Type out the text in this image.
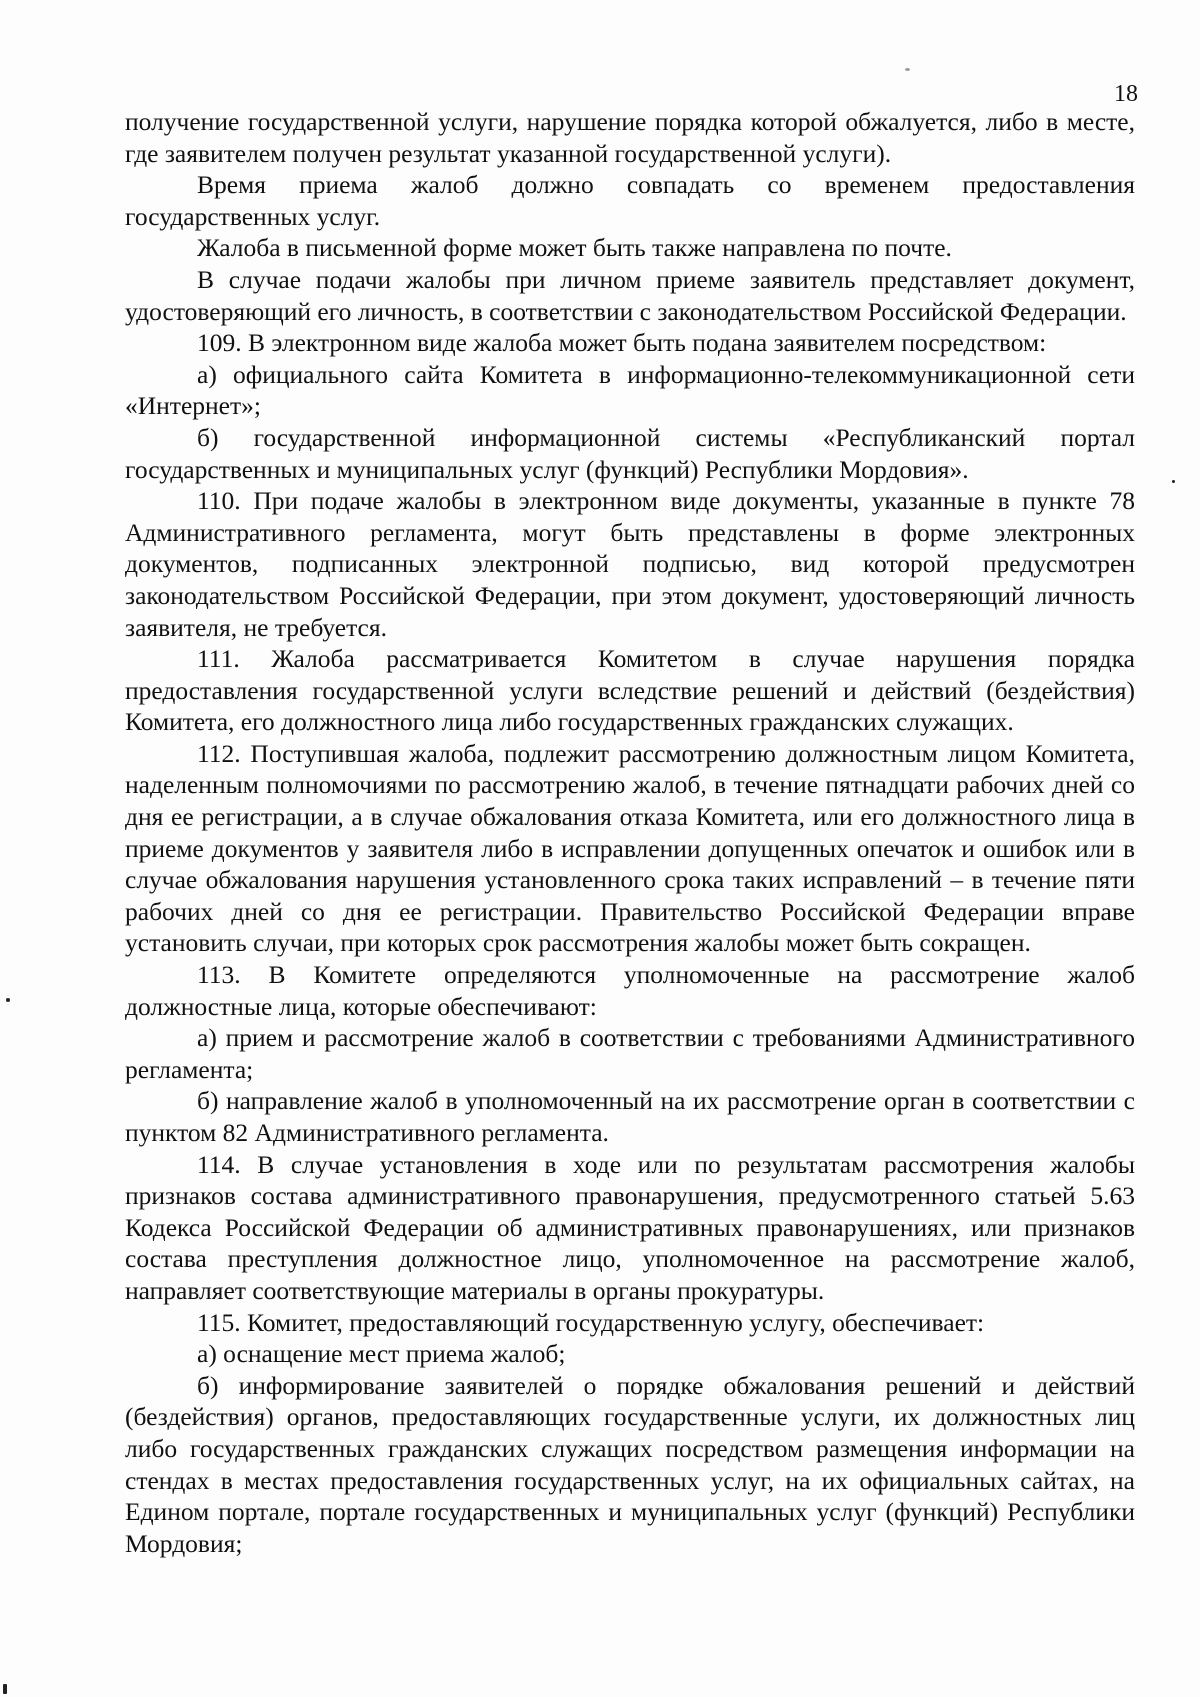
18

получение государственной услуги, нарушение порядка которой обжалуется, либо в месте, где заявителем получен результат указанной государственной услуги).

Время приема жалоб должно совпадать со временем предоставления государственных услуг.

Жалоба в письменной форме может быть также направлена по почте.

В случае подачи жалобы при личном приеме заявитель представляет документ, удостоверяющий его личность, в соответствии с законодательством Российской Федерации.

109. В электронном виде жалоба может быть подана заявителем посредством:

а) официального сайта Комитета в информационно-телекоммуникационной сети «Интернет»;

б) государственной информационной системы «Республиканский портал государственных и муниципальных услуг (функций) Республики Мордовия».

110. При подаче жалобы в электронном виде документы, указанные в пункте 78 Административного регламента, могут быть представлены в форме электронных документов, подписанных электронной подписью, вид которой предусмотрен законодательством Российской Федерации, при этом документ, удостоверяющий личность заявителя, не требуется.

111. Жалоба рассматривается Комитетом в случае нарушения порядка предоставления государственной услуги вследствие решений и действий (бездействия) Комитета, его должностного лица либо государственных гражданских служащих.

112. Поступившая жалоба, подлежит рассмотрению должностным лицом Комитета, наделенным полномочиями по рассмотрению жалоб, в течение пятнадцати рабочих дней со дня ее регистрации, а в случае обжалования отказа Комитета, или его должностного лица в приеме документов у заявителя либо в исправлении допущенных опечаток и ошибок или в случае обжалования нарушения установленного срока таких исправлений – в течение пяти рабочих дней со дня ее регистрации. Правительство Российской Федерации вправе установить случаи, при которых срок рассмотрения жалобы может быть сокращен.

113. В Комитете определяются уполномоченные на рассмотрение жалоб должностные лица, которые обеспечивают:

а) прием и рассмотрение жалоб в соответствии с требованиями Административного регламента;

б) направление жалоб в уполномоченный на их рассмотрение орган в соответствии с пунктом 82 Административного регламента.

114. В случае установления в ходе или по результатам рассмотрения жалобы признаков состава административного правонарушения, предусмотренного статьей 5.63 Кодекса Российской Федерации об административных правонарушениях, или признаков состава преступления должностное лицо, уполномоченное на рассмотрение жалоб, направляет соответствующие материалы в органы прокуратуры.

115. Комитет, предоставляющий государственную услугу, обеспечивает:

а) оснащение мест приема жалоб;

б) информирование заявителей о порядке обжалования решений и действий (бездействия) органов, предоставляющих государственные услуги, их должностных лиц либо государственных гражданских служащих посредством размещения информации на стендах в местах предоставления государственных услуг, на их официальных сайтах, на Едином портале, портале государственных и муниципальных услуг (функций) Республики Мордовия;
